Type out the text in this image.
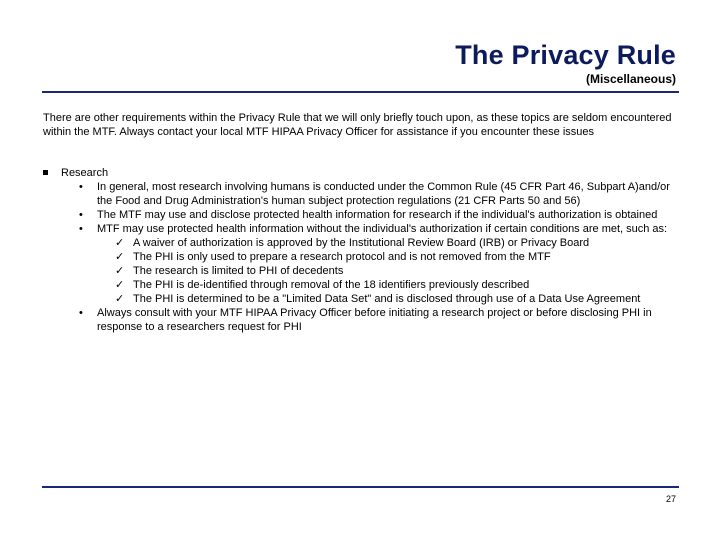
The Privacy Rule
(Miscellaneous)
There are other requirements within the Privacy Rule that we will only briefly touch upon, as these topics are seldom encountered within the MTF. Always contact your local MTF HIPAA Privacy Officer for assistance if you encounter these issues
Research
• In general, most research involving humans is conducted under the Common Rule (45 CFR Part 46, Subpart A)and/or the Food and Drug Administration's human subject protection regulations (21 CFR Parts 50 and 56)
• The MTF may use and disclose protected health information for research if the individual's authorization is obtained
• MTF may use protected health information without the individual's authorization if certain conditions are met, such as:
✓ A waiver of authorization is approved by the Institutional Review Board (IRB) or Privacy Board
✓ The PHI is only used to prepare a research protocol and is not removed from the MTF
✓ The research is limited to PHI of decedents
✓ The PHI is de-identified through removal of the 18 identifiers previously described
✓ The PHI is determined to be a "Limited Data Set" and is disclosed through use of a Data Use Agreement
• Always consult with your MTF HIPAA Privacy Officer before initiating a research project or before disclosing PHI in response to a researchers request for PHI
27
